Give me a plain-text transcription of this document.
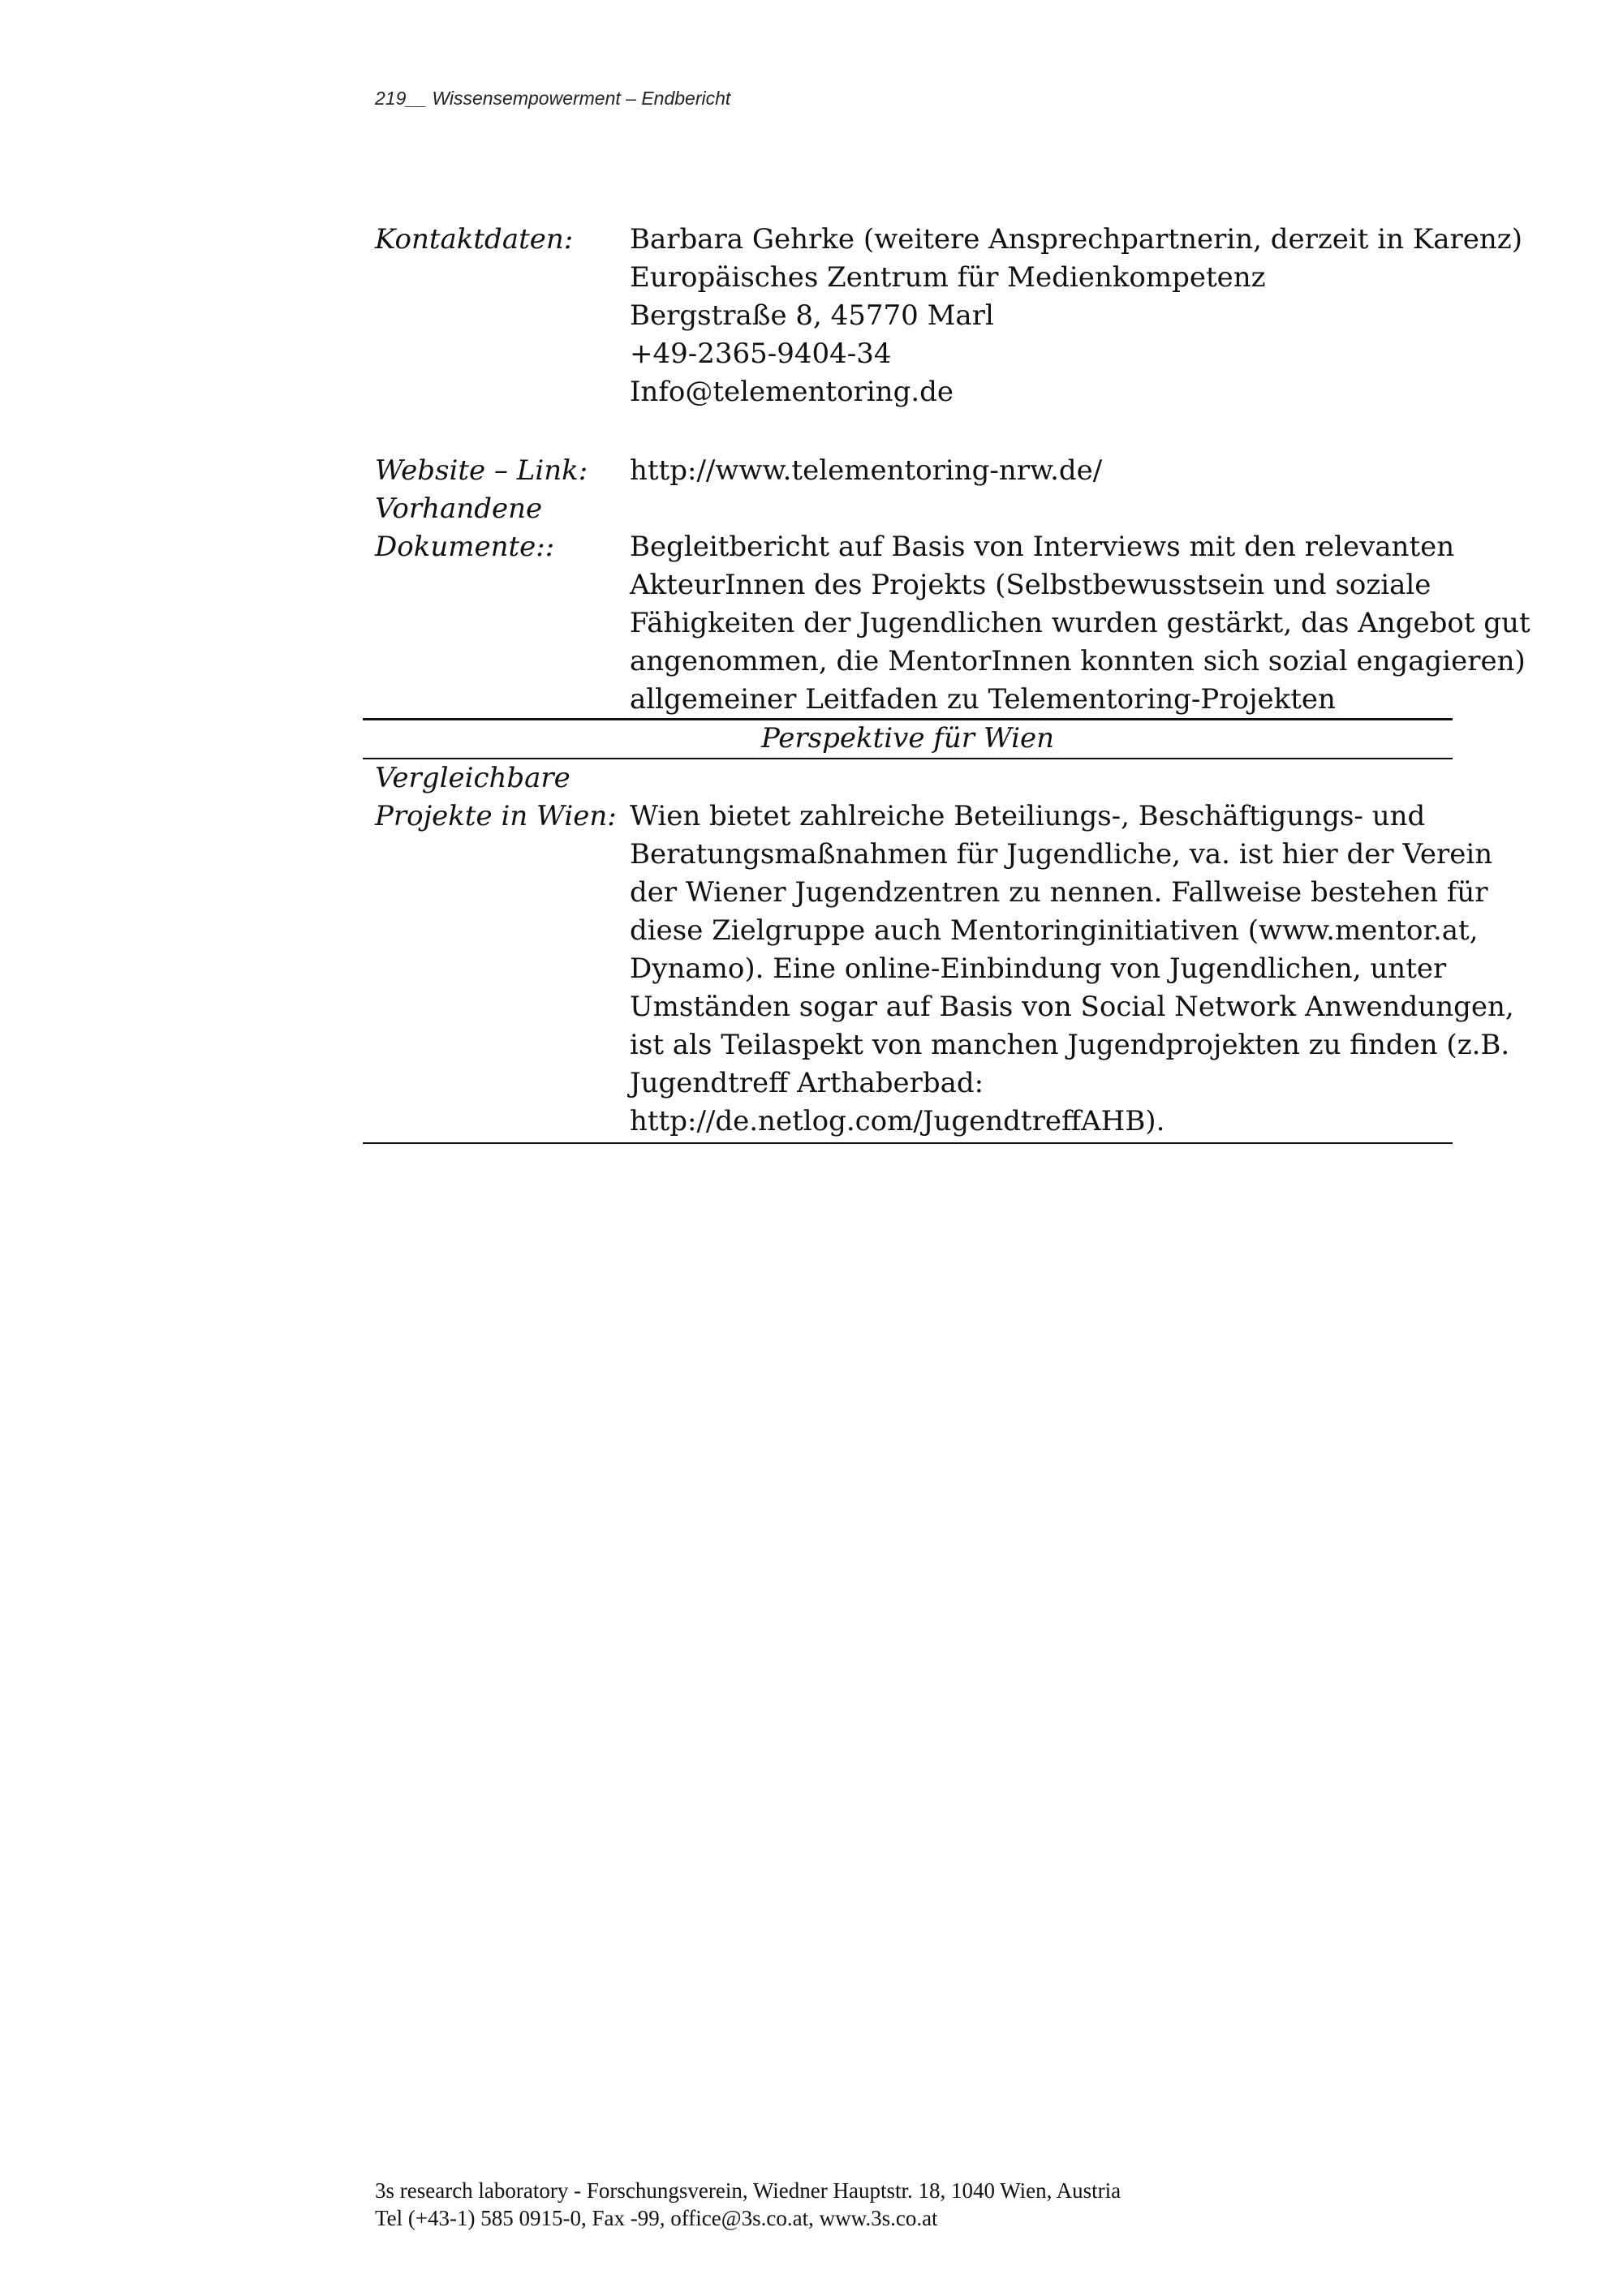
219__ Wissensempowerment – Endbericht
Kontaktdaten: Barbara Gehrke (weitere Ansprechpartnerin, derzeit in Karenz)
Europäisches Zentrum für Medienkompetenz
Bergstraße 8, 45770 Marl
+49-2365-9404-34
Info@telementoring.de
Website – Link: http://www.telementoring-nrw.de/
Vorhandene
Dokumente::	Begleitbericht auf Basis von Interviews mit den relevanten
AkteurInnen des Projekts (Selbstbewusstsein und soziale
Fähigkeiten der Jugendlichen wurden gestärkt, das Angebot gut
angenommen, die MentorInnen konnten sich sozial engagieren)
allgemeiner Leitfaden zu Telementoring-Projekten
Perspektive für Wien
Vergleichbare
Projekte in Wien: Wien bietet zahlreiche Beteiliungs-, Beschäftigungs- und
Beratungsmaßnahmen für Jugendliche, va. ist hier der Verein
der Wiener Jugendzentren zu nennen. Fallweise bestehen für
diese Zielgruppe auch Mentoringinitiativen (www.mentor.at,
Dynamo). Eine online-Einbindung von Jugendlichen, unter
Umständen sogar auf Basis von Social Network Anwendungen,
ist als Teilaspekt von manchen Jugendprojekten zu finden (z.B.
Jugendtreff Arthaberbad:
http://de.netlog.com/JugendtreffAHB).
3s research laboratory - Forschungsverein, Wiedner Hauptstr. 18, 1040 Wien, Austria
Tel (+43-1) 585 0915-0, Fax -99, office@3s.co.at, www.3s.co.at
